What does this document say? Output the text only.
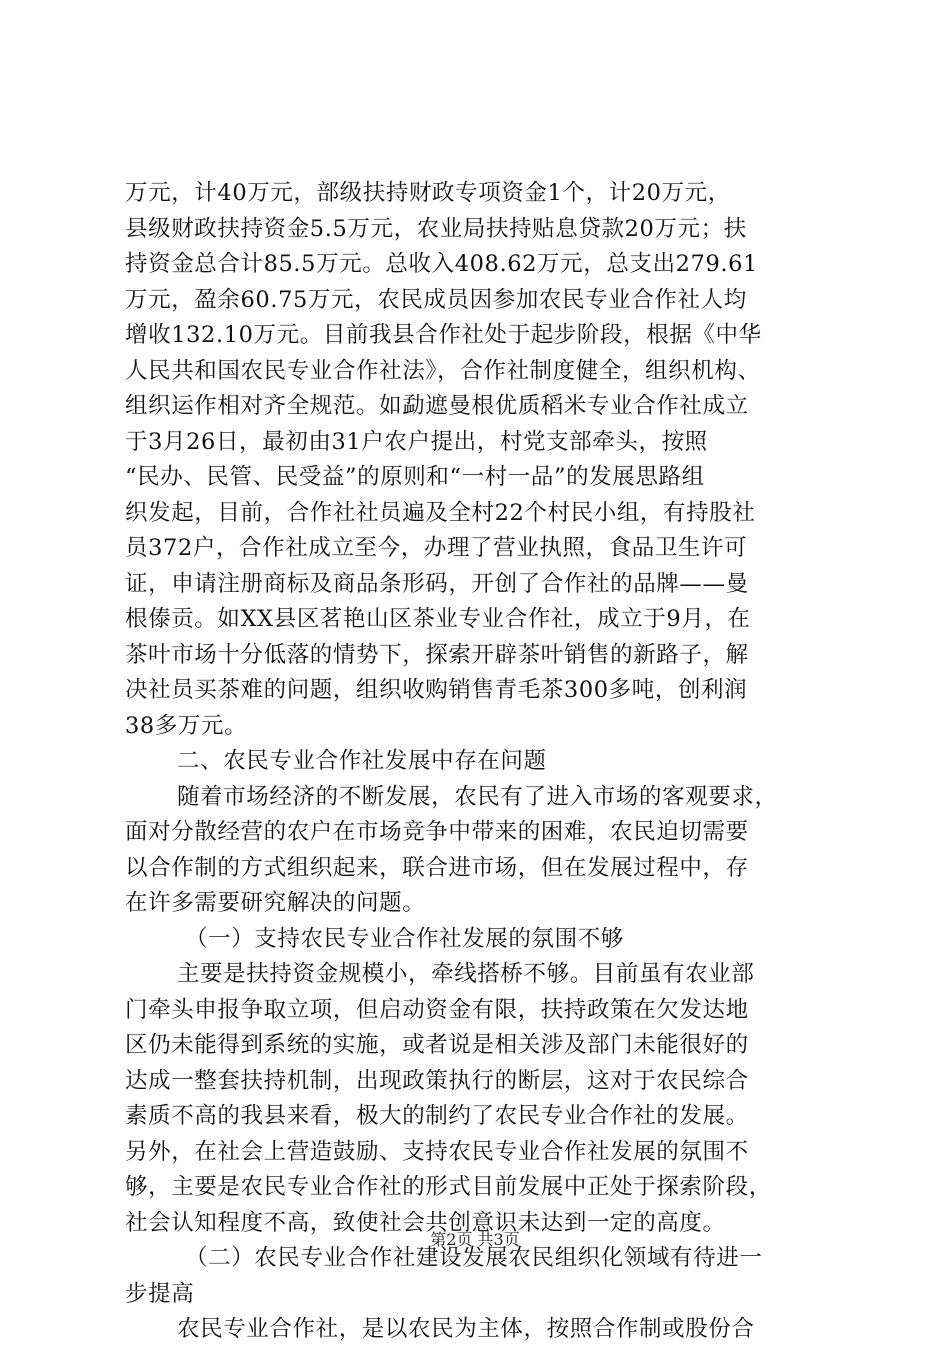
万元，计40万元，部级扶持财政专项资金1个，计20万元，
县级财政扶持资金5.5万元，农业局扶持贴息贷款20万元；扶
持资金总合计85.5万元。总收入408.62万元，总支出279.61
万元，盈余60.75万元，农民成员因参加农民专业合作社人均
增收132.10万元。目前我县合作社处于起步阶段，根据《中华
人民共和国农民专业合作社法》，合作社制度健全，组织机构、
组织运作相对齐全规范。如勐遮曼根优质稻米专业合作社成立
于3月26日，最初由31户农户提出，村党支部牵头，按照
“民办、民管、民受益”的原则和“一村一品”的发展思路组
织发起，目前，合作社社员遍及全村22个村民小组，有持股社
员372户，合作社成立至今，办理了营业执照，食品卫生许可
证，申请注册商标及商品条形码，开创了合作社的品牌——曼
根傣贡。如XX县区茗艳山区茶业专业合作社，成立于9月，在
茶叶市场十分低落的情势下，探索开辟茶叶销售的新路子，解
决社员买茶难的问题，组织收购销售青毛茶300多吨，创利润
38多万元。
二、农民专业合作社发展中存在问题
随着市场经济的不断发展，农民有了进入市场的客观要求，
面对分散经营的农户在市场竞争中带来的困难，农民迫切需要
以合作制的方式组织起来，联合进市场，但在发展过程中，存
在许多需要研究解决的问题。
（一）支持农民专业合作社发展的氛围不够
主要是扶持资金规模小，牵线搭桥不够。目前虽有农业部
门牵头申报争取立项，但启动资金有限，扶持政策在欠发达地
区仍未能得到系统的实施，或者说是相关涉及部门未能很好的
达成一整套扶持机制，出现政策执行的断层，这对于农民综合
素质不高的我县来看，极大的制约了农民专业合作社的发展。
另外，在社会上营造鼓励、支持农民专业合作社发展的氛围不
够，主要是农民专业合作社的形式目前发展中正处于探索阶段，
社会认知程度不高，致使社会共创意识未达到一定的高度。
（二）农民专业合作社建设发展农民组织化领域有待进一
步提高
农民专业合作社，是以农民为主体，按照合作制或股份合
第2页 共3页
